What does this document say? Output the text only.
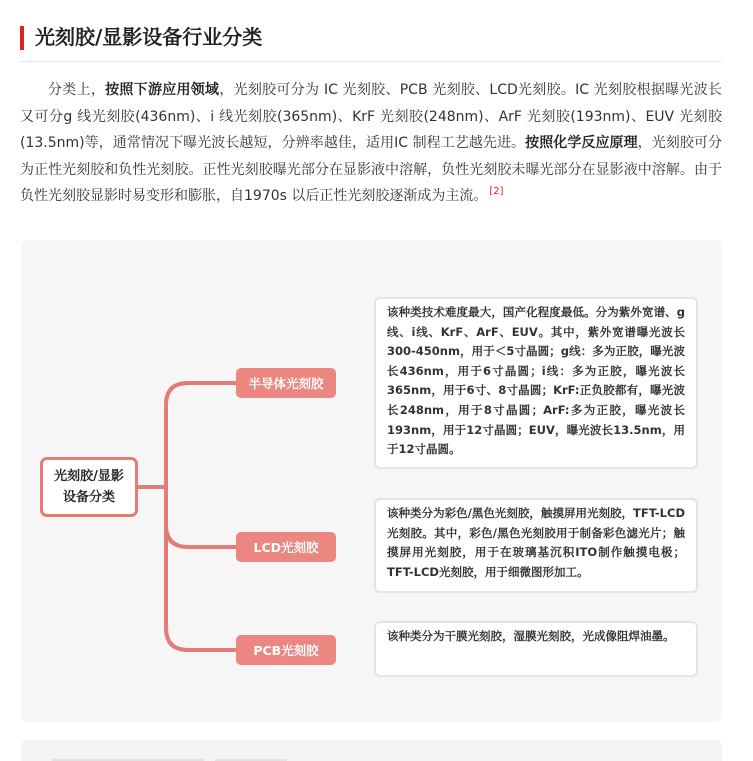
光刻胶/显影设备行业分类

分类上，按照下游应用领域，光刻胶可分为 IC 光刻胶、PCB 光刻胶、LCD光刻胶。IC 光刻胶根据曝光波长又可分g 线光刻胶(436nm)、i 线光刻胶(365nm)、KrF 光刻胶(248nm)、ArF 光刻胶(193nm)、EUV 光刻胶(13.5nm)等，通常情况下曝光波长越短，分辨率越佳，适用IC 制程工艺越先进。按照化学反应原理，光刻胶可分为正性光刻胶和负性光刻胶。正性光刻胶曝光部分在显影液中溶解，负性光刻胶未曝光部分在显影液中溶解。由于负性光刻胶显影时易变形和膨胀，自1970s 以后正性光刻胶逐渐成为主流。 [2]

光刻胶/显影设备分类
半导体光刻胶
LCD光刻胶
PCB光刻胶
该种类技术难度最大，国产化程度最低。分为紫外宽谱、g线、i线、KrF、ArF、EUV。其中，紫外宽谱曝光波长300-450nm，用于＜5寸晶圆；g线：多为正胶，曝光波长436nm，用于6寸晶圆；i线：多为正胶，曝光波长365nm，用于6寸、8寸晶圆；KrF:正负胶都有，曝光波长248nm，用于8寸晶圆；ArF:多为正胶，曝光波长193nm，用于12寸晶圆；EUV，曝光波长13.5nm，用于12寸晶圆。
该种类分为彩色/黑色光刻胶，触摸屏用光刻胶，TFT-LCD光刻胶。其中，彩色/黑色光刻胶用于制备彩色滤光片；触摸屏用光刻胶，用于在玻璃基沉积ITO制作触摸电极；TFT-LCD光刻胶，用于细微图形加工。
该种类分为干膜光刻胶，湿膜光刻胶，光成像阻焊油墨。
